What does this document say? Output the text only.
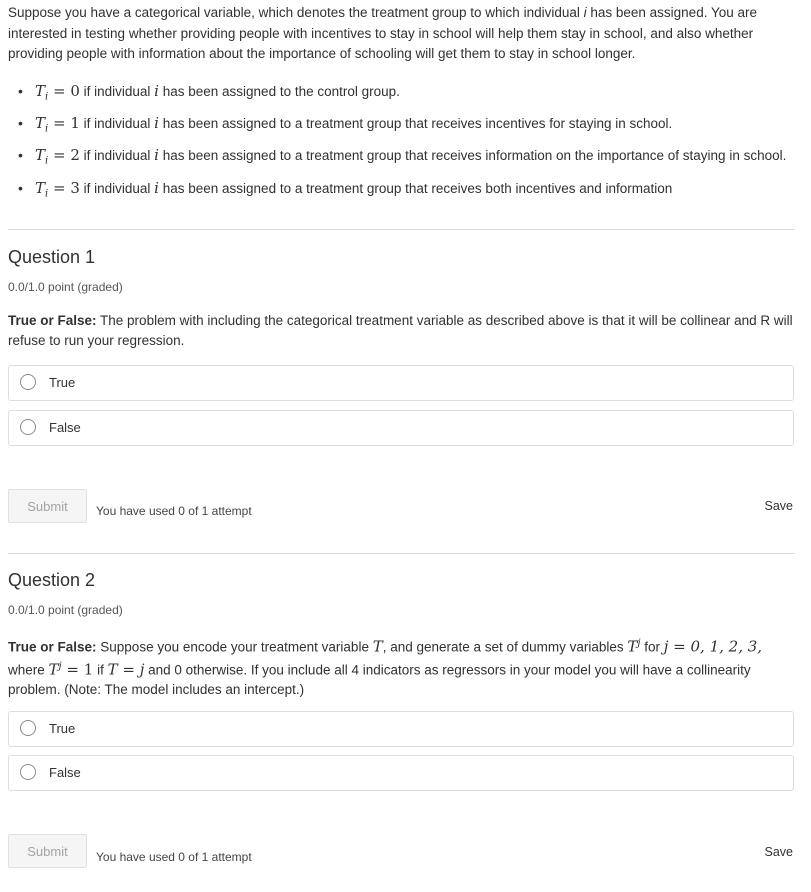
Suppose you have a categorical variable, which denotes the treatment group to which individual i has been assigned. You are interested in testing whether providing people with incentives to stay in school will help them stay in school, and also whether providing people with information about the importance of schooling will get them to stay in school longer.

• $T_i = 0$ if individual i has been assigned to the control group.
• $T_i = 1$ if individual i has been assigned to a treatment group that receives incentives for staying in school.
• $T_i = 2$ if individual i has been assigned to a treatment group that receives information on the importance of staying in school.
• $T_i = 3$ if individual i has been assigned to a treatment group that receives both incentives and information
Question 1
0.0/1.0 point (graded)
True or False: The problem with including the categorical treatment variable as described above is that it will be collinear and R will refuse to run your regression.
True
False
Submit	You have used 0 of 1 attempt	Save
Question 2
0.0/1.0 point (graded)
True or False: Suppose you encode your treatment variable T, and generate a set of dummy variables $T^j$ for j = 0, 1, 2, 3, where $T^j = 1$ if T = j and 0 otherwise. If you include all 4 indicators as regressors in your model you will have a collinearity problem. (Note: The model includes an intercept.)
True
False
Submit	You have used 0 of 1 attempt	Save
